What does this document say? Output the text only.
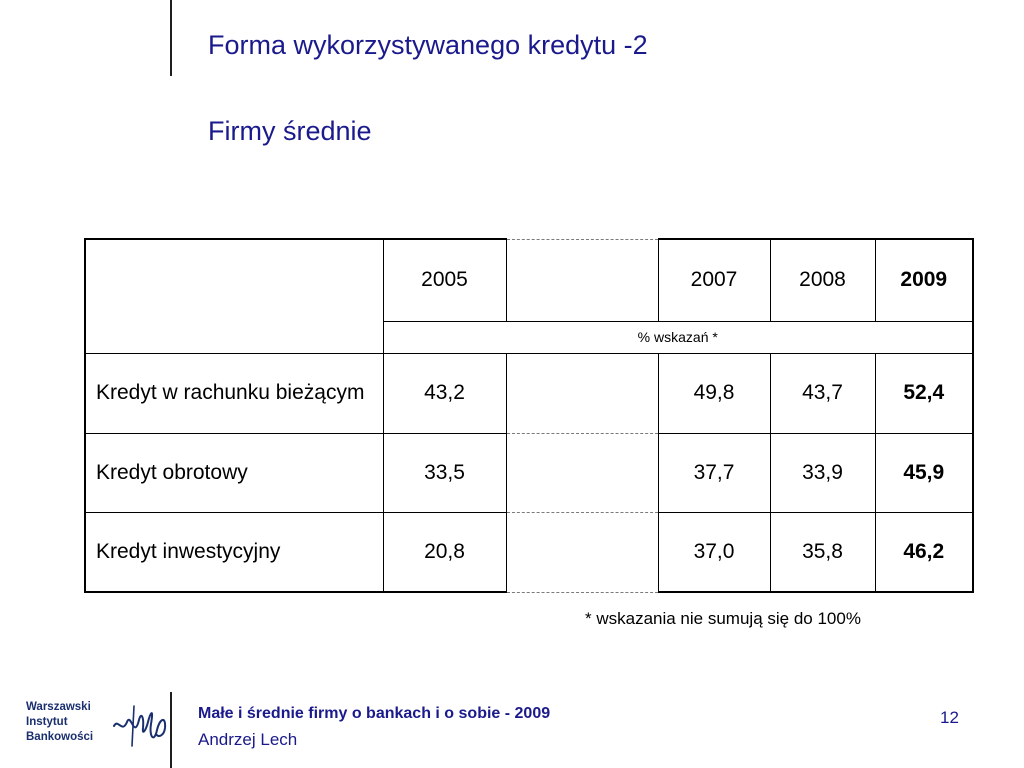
Forma wykorzystywanego kredytu -2
Firmy średnie
	2005		2007	2008	2009
	% wskazań *				
Kredyt w rachunku bieżącym	43,2		49,8	43,7	52,4
Kredyt obrotowy	33,5		37,7	33,9	45,9
Kredyt inwestycyjny	20,8		37,0	35,8	46,2
* wskazania nie sumują się do 100%
Warszawski
Instytut
Bankowości
Małe i średnie firmy o bankach i o sobie - 2009
Andrzej Lech
12
